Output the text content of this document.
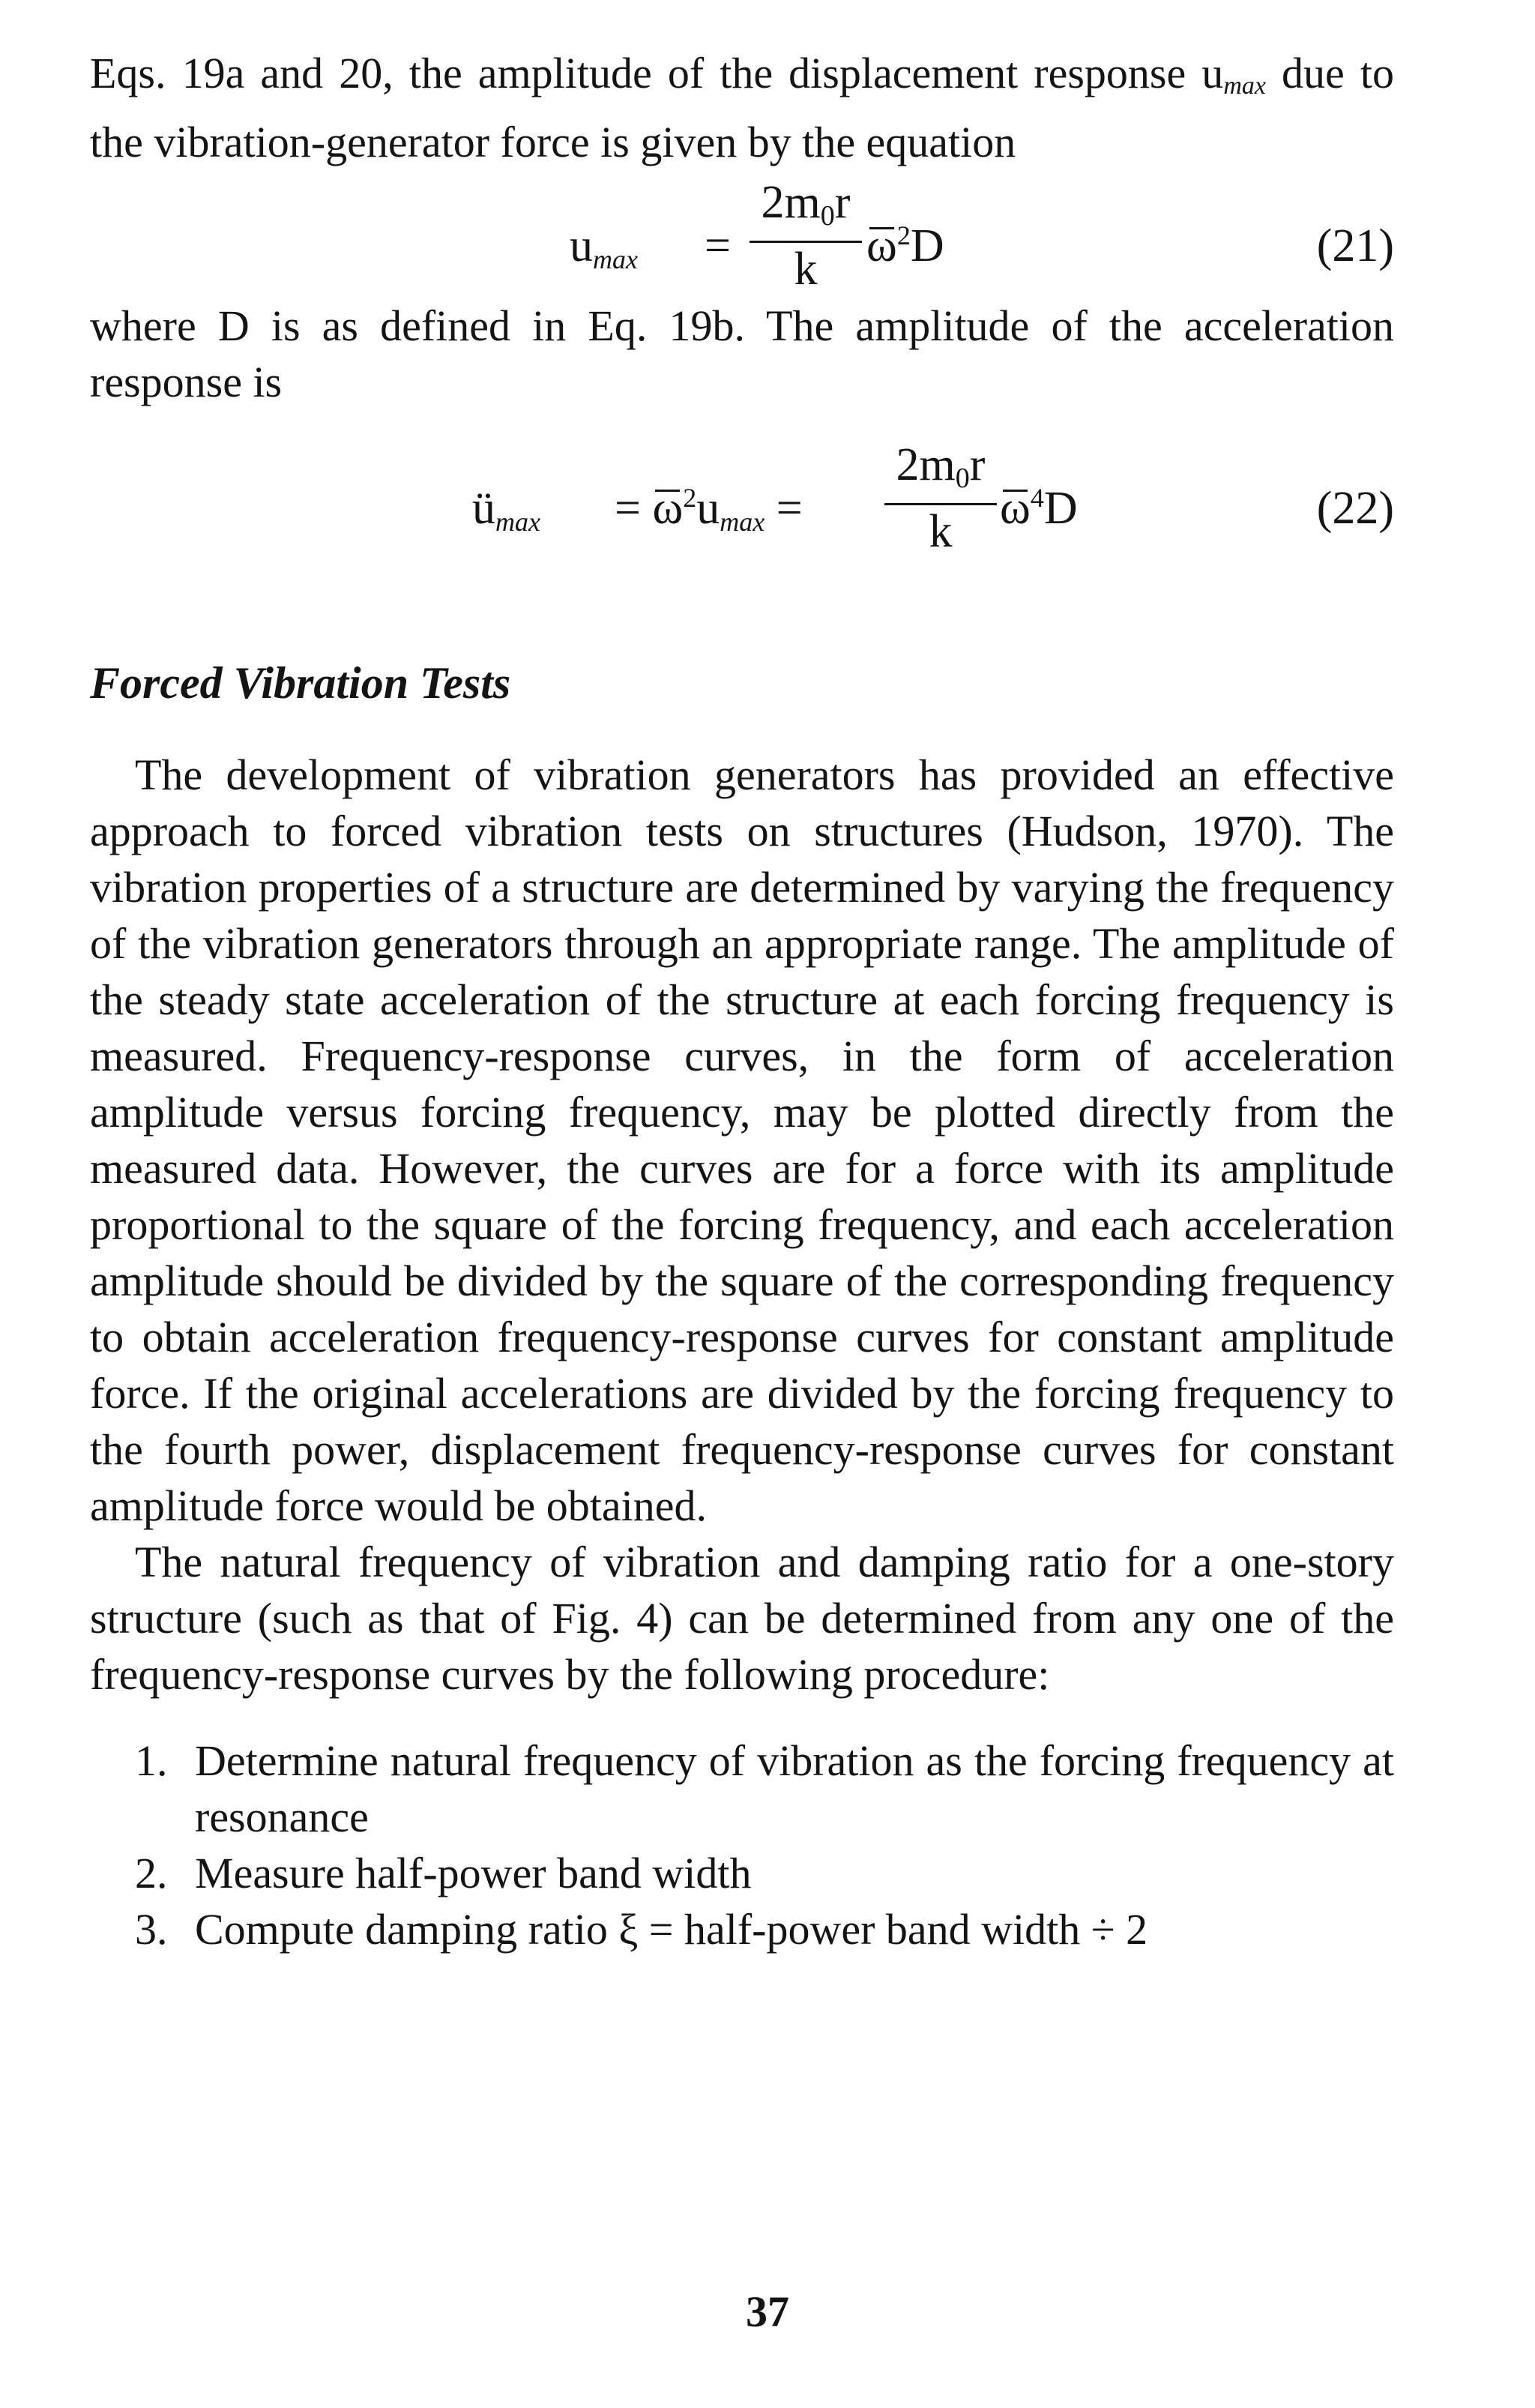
Eqs. 19a and 20, the amplitude of the displacement response umax due to the vibration-generator force is given by the equation

$u_{max} = \frac{2m_0r}{k} \omega^2D$	(21)

where D is as defined in Eq. 19b. The amplitude of the acceleration response is

$ü_{max} = \omega^2u_{max} = \frac{2m_0r}{k} \omega^4D$	(22)
Forced Vibration Tests

The development of vibration generators has provided an effective approach to forced vibration tests on structures (Hudson, 1970). The vibration properties of a structure are determined by varying the frequency of the vibration generators through an appropriate range. The amplitude of the steady state acceleration of the structure at each forcing frequency is measured. Frequency-response curves, in the form of acceleration amplitude versus forcing frequency, may be plotted directly from the measured data. However, the curves are for a force with its amplitude proportional to the square of the forcing frequency, and each acceleration amplitude should be divided by the square of the corresponding frequency to obtain acceleration frequency-response curves for constant amplitude force. If the original accelerations are divided by the forcing frequency to the fourth power, displacement frequency-response curves for constant amplitude force would be obtained.

The natural frequency of vibration and damping ratio for a one-story structure (such as that of Fig. 4) can be determined from any one of the frequency-response curves by the following procedure:

1. Determine natural frequency of vibration as the forcing frequency at resonance
2. Measure half-power band width
3. Compute damping ratio ξ = half-power band width ÷ 2
37
